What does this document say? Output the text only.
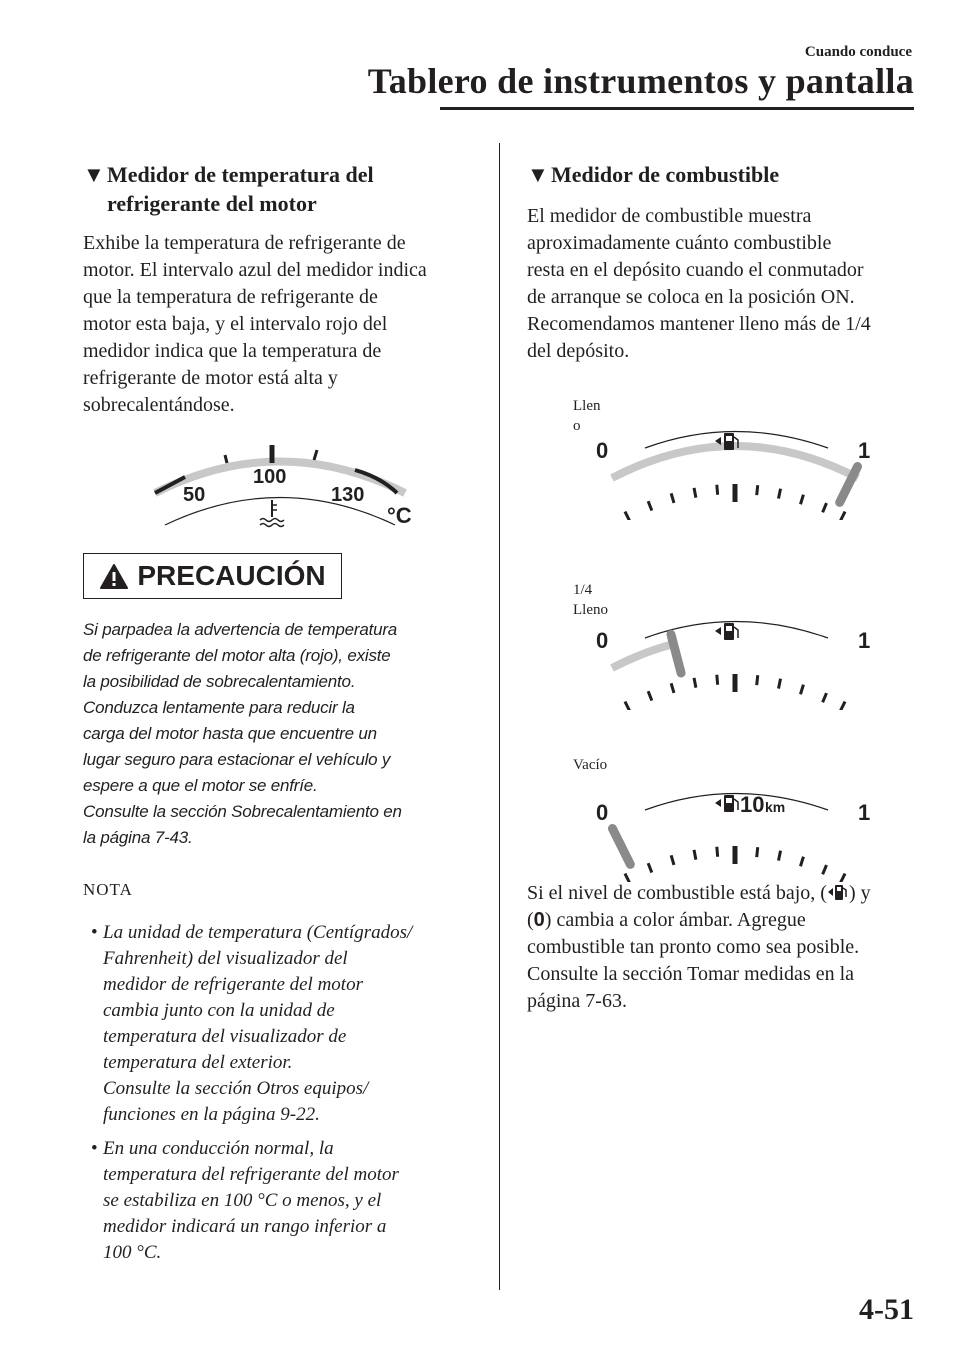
Cuando conduce
Tablero de instrumentos y pantalla
▼ Medidor de temperatura del
refrigerante del motor
Exhibe la temperatura de refrigerante de
motor. El intervalo azul del medidor indica
que la temperatura de refrigerante de
motor esta baja, y el intervalo rojo del
medidor indica que la temperatura de
refrigerante de motor está alta y
sobrecalentándose.
50
100
130
°C
PRECAUCIÓN
Si parpadea la advertencia de temperatura
de refrigerante del motor alta (rojo), existe
la posibilidad de sobrecalentamiento.
Conduzca lentamente para reducir la
carga del motor hasta que encuentre un
lugar seguro para estacionar el vehículo y
espere a que el motor se enfríe.
Consulte la sección Sobrecalentamiento en
la página 7-43.
NOTA
• La unidad de temperatura (Centígrados/
Fahrenheit) del visualizador del
medidor de refrigerante del motor
cambia junto con la unidad de
temperatura del visualizador de
temperatura del exterior.
Consulte la sección Otros equipos/
funciones en la página 9-22.
• En una conducción normal, la
temperatura del refrigerante del motor
se estabiliza en 100 °C o menos, y el
medidor indicará un rango inferior a
100 °C.
▼ Medidor de combustible
El medidor de combustible muestra
aproximadamente cuánto combustible
resta en el depósito cuando el conmutador
de arranque se coloca en la posición ON.
Recomendamos mantener lleno más de 1/4
del depósito.
Llen
o
1/4
Lleno
Vacío
0	1
0	1
0	1
10 km
Si el nivel de combustible está bajo, ( ) y
(0) cambia a color ámbar. Agregue
combustible tan pronto como sea posible.
Consulte la sección Tomar medidas en la
página 7-63.
4-51
